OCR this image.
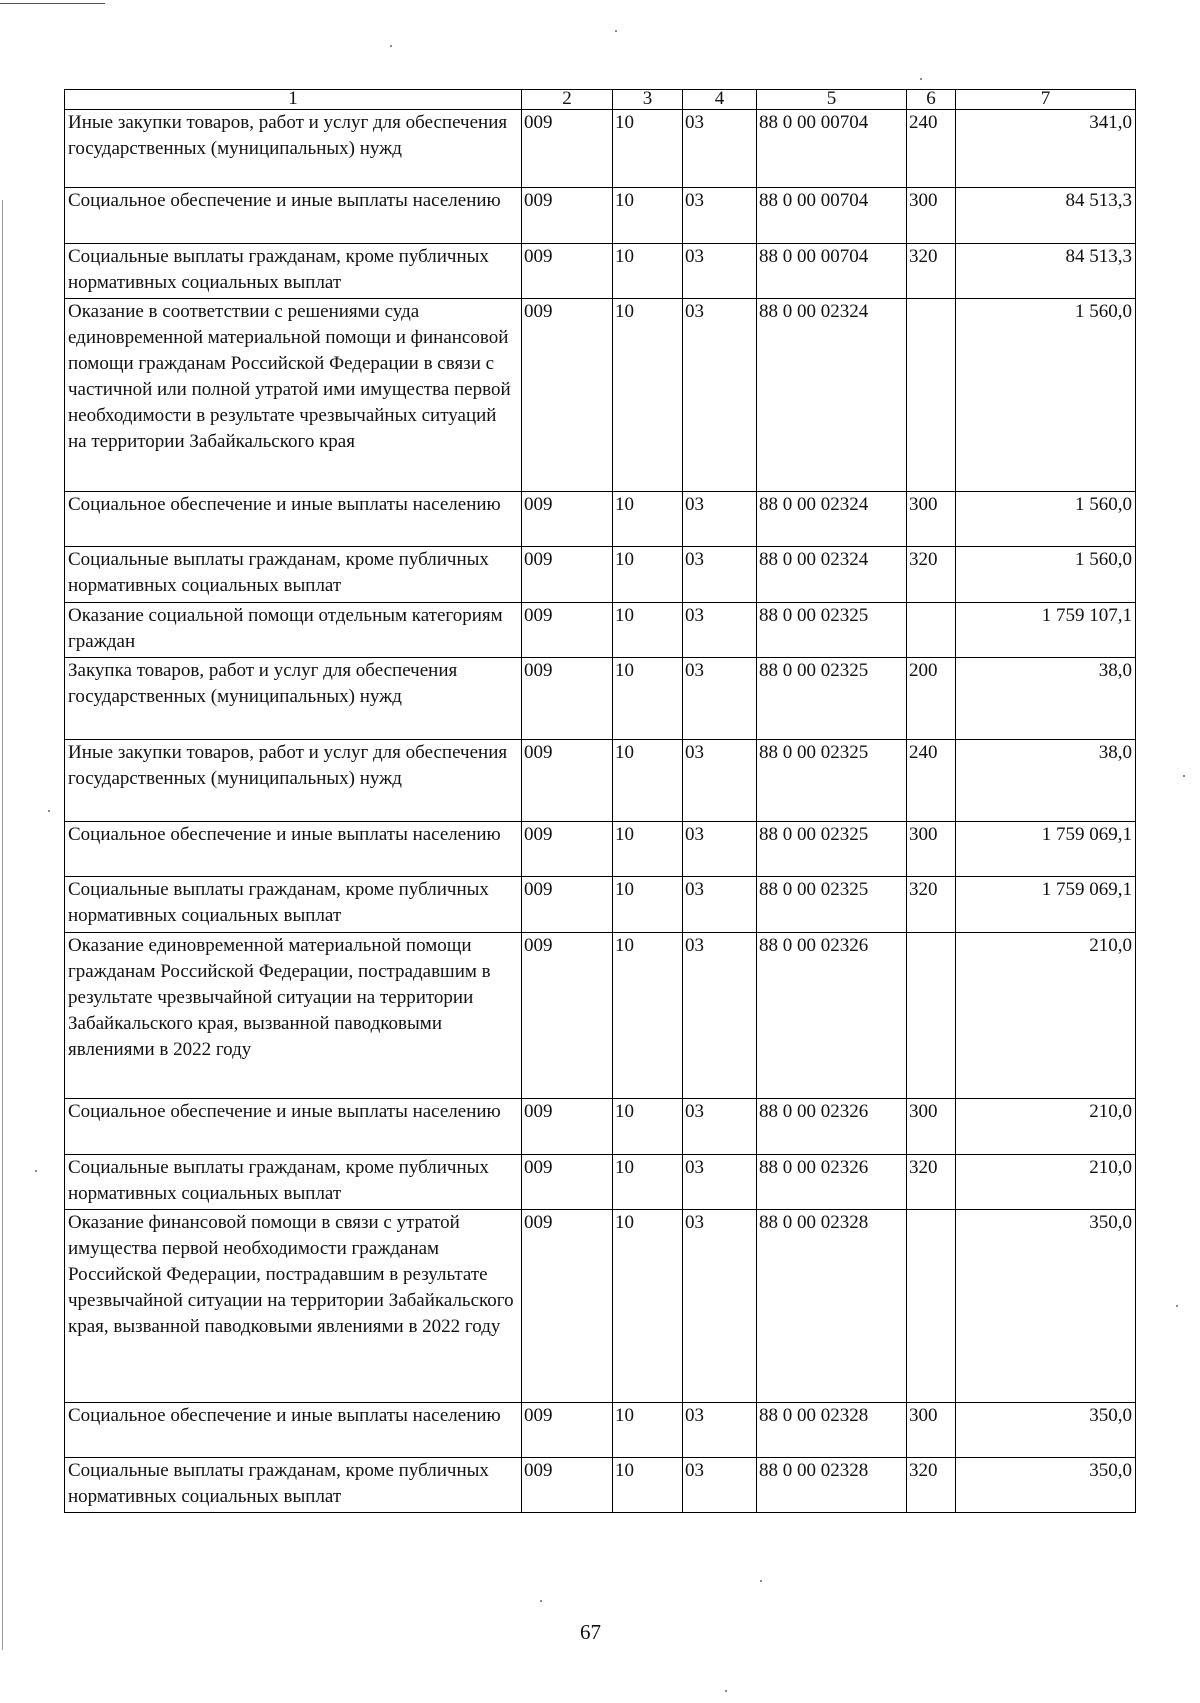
1	2	3	4	5	6	7
Иные закупки товаров, работ и услуг для обеспечения государственных (муниципальных) нужд	009	10	03	88 0 00 00704	240	341,0
Социальное обеспечение и иные выплаты населению	009	10	03	88 0 00 00704	300	84 513,3
Социальные выплаты гражданам, кроме публичных нормативных социальных выплат	009	10	03	88 0 00 00704	320	84 513,3
Оказание в соответствии с решениями суда единовременной материальной помощи и финансовой помощи гражданам Российской Федерации в связи с частичной или полной утратой ими имущества первой необходимости в результате чрезвычайных ситуаций на территории Забайкальского края	009	10	03	88 0 00 02324		1 560,0
Социальное обеспечение и иные выплаты населению	009	10	03	88 0 00 02324	300	1 560,0
Социальные выплаты гражданам, кроме публичных нормативных социальных выплат	009	10	03	88 0 00 02324	320	1 560,0
Оказание социальной помощи отдельным категориям граждан	009	10	03	88 0 00 02325		1 759 107,1
Закупка товаров, работ и услуг для обеспечения государственных (муниципальных) нужд	009	10	03	88 0 00 02325	200	38,0
Иные закупки товаров, работ и услуг для обеспечения государственных (муниципальных) нужд	009	10	03	88 0 00 02325	240	38,0
Социальное обеспечение и иные выплаты населению	009	10	03	88 0 00 02325	300	1 759 069,1
Социальные выплаты гражданам, кроме публичных нормативных социальных выплат	009	10	03	88 0 00 02325	320	1 759 069,1
Оказание единовременной материальной помощи гражданам Российской Федерации, пострадавшим в результате чрезвычайной ситуации на территории Забайкальского края, вызванной паводковыми явлениями в 2022 году	009	10	03	88 0 00 02326		210,0
Социальное обеспечение и иные выплаты населению	009	10	03	88 0 00 02326	300	210,0
Социальные выплаты гражданам, кроме публичных нормативных социальных выплат	009	10	03	88 0 00 02326	320	210,0
Оказание финансовой помощи в связи с утратой имущества первой необходимости гражданам Российской Федерации, пострадавшим в результате чрезвычайной ситуации на территории Забайкальского края, вызванной паводковыми явлениями в 2022 году	009	10	03	88 0 00 02328		350,0
Социальное обеспечение и иные выплаты населению	009	10	03	88 0 00 02328	300	350,0
Социальные выплаты гражданам, кроме публичных нормативных социальных выплат	009	10	03	88 0 00 02328	320	350,0
67
